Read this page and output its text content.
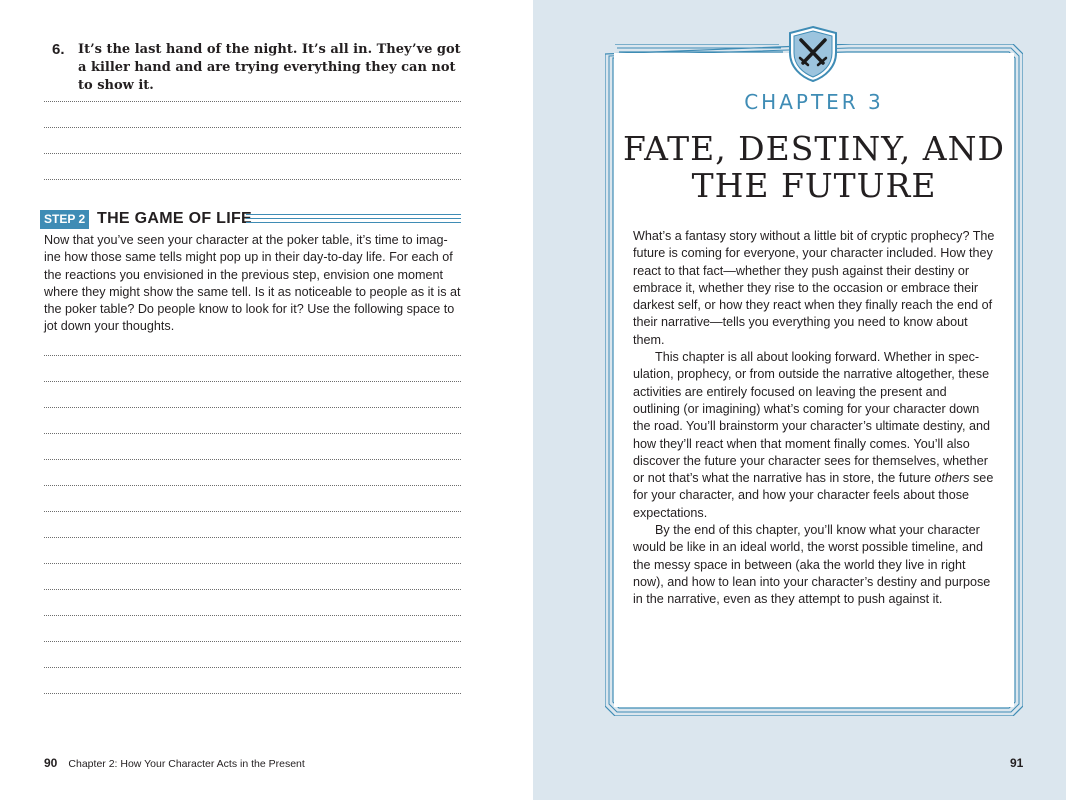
6. It’s the last hand of the night. It’s all in. They’ve got a killer hand and are trying everything they can not to show it.
STEP 2 THE GAME OF LIFE
Now that you’ve seen your character at the poker table, it’s time to imag-ine how those same tells might pop up in their day-to-day life. For each of the reactions you envisioned in the previous step, envision one moment where they might show the same tell. Is it as noticeable to people as it is at the poker table? Do people know to look for it? Use the following space to jot down your thoughts.
90 Chapter 2: How Your Character Acts in the Present
CHAPTER 3
FATE, DESTINY, AND
THE FUTURE

What’s a fantasy story without a little bit of cryptic prophecy? The future is coming for everyone, your character included. How they react to that fact—whether they push against their destiny or embrace it, whether they rise to the occasion or embrace their darkest self, or how they react when they finally reach the end of their narrative—tells you everything you need to know about them.

This chapter is all about looking forward. Whether in spec-ulation, prophecy, or from outside the narrative altogether, these activities are entirely focused on leaving the present and outlining (or imagining) what’s coming for your character down the road. You’ll brainstorm your character’s ultimate destiny, and how they’ll react when that moment finally comes. You’ll also discover the future your character sees for themselves, whether or not that’s what the narrative has in store, the future others see for your character, and how your character feels about those expectations.

By the end of this chapter, you’ll know what your character would be like in an ideal world, the worst possible timeline, and the messy space in between (aka the world they live in right now), and how to lean into your character’s destiny and purpose in the narrative, even as they attempt to push against it.

91
